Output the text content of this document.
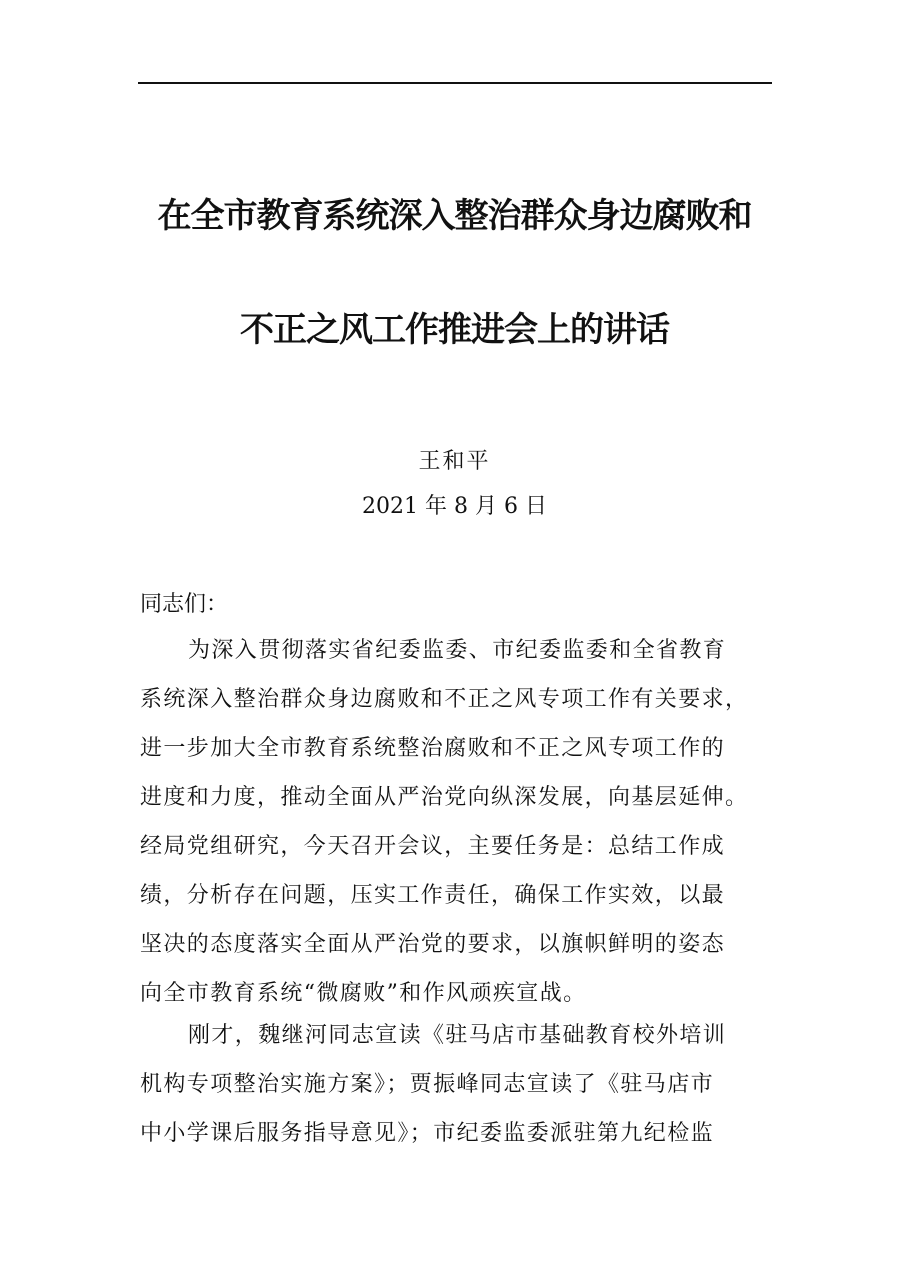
在全市教育系统深入整治群众身边腐败和
不正之风工作推进会上的讲话
王和平
2021 年 8 月 6 日
同志们：
为深入贯彻落实省纪委监委、市纪委监委和全省教育
系统深入整治群众身边腐败和不正之风专项工作有关要求，
进一步加大全市教育系统整治腐败和不正之风专项工作的
进度和力度，推动全面从严治党向纵深发展，向基层延伸。
经局党组研究，今天召开会议，主要任务是：总结工作成
绩，分析存在问题，压实工作责任，确保工作实效，以最
坚决的态度落实全面从严治党的要求，以旗帜鲜明的姿态
向全市教育系统“微腐败”和作风顽疾宣战。
刚才，魏继河同志宣读《驻马店市基础教育校外培训
机构专项整治实施方案》；贾振峰同志宣读了《驻马店市
中小学课后服务指导意见》；市纪委监委派驻第九纪检监
